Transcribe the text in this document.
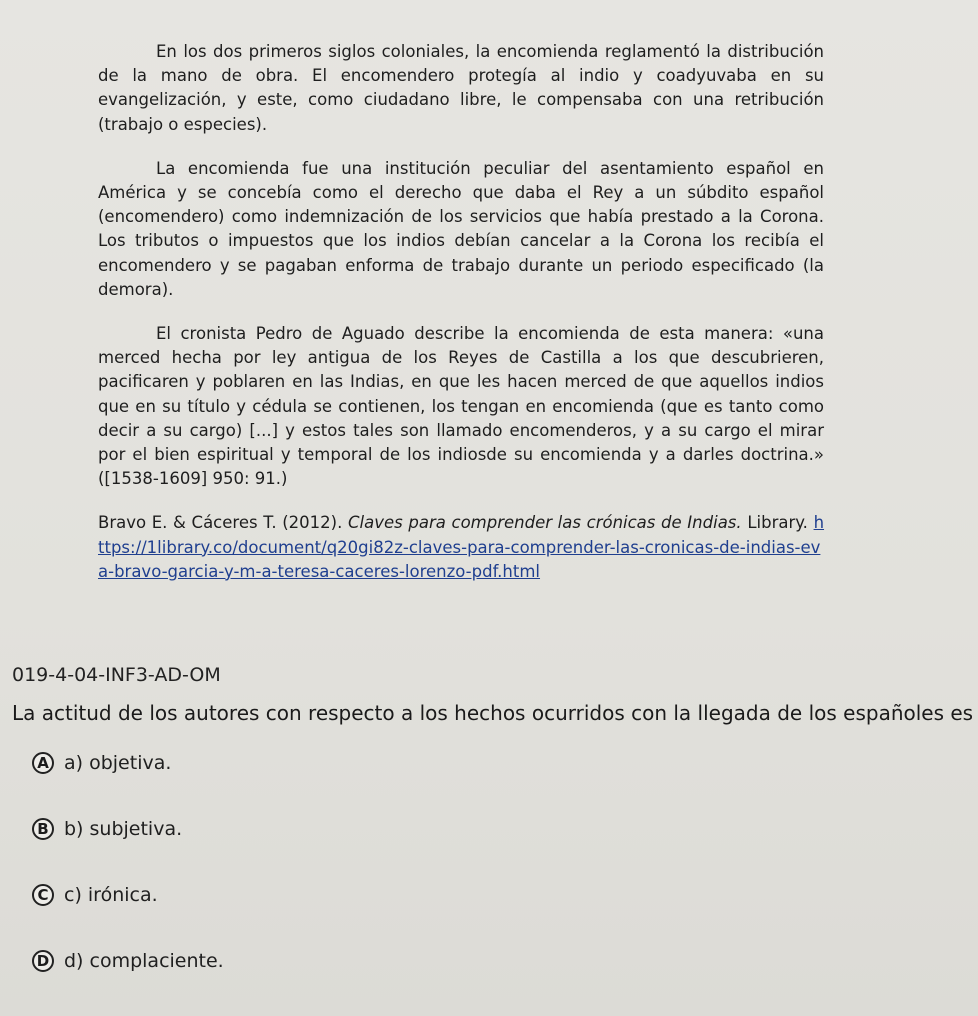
En los dos primeros siglos coloniales, la encomienda reglamentó la distribución de la mano de obra. El encomendero protegía al indio y coadyuvaba en su evangelización, y este, como ciudadano libre, le compensaba con una retribución (trabajo o especies).

La encomienda fue una institución peculiar del asentamiento español en América y se concebía como el derecho que daba el Rey a un súbdito español (encomendero) como indemnización de los servicios que había prestado a la Corona. Los tributos o impuestos que los indios debían cancelar a la Corona los recibía el encomendero y se pagaban enforma de trabajo durante un periodo especificado (la demora).

El cronista Pedro de Aguado describe la encomienda de esta manera: «una merced hecha por ley antigua de los Reyes de Castilla a los que descubrieren, pacificaren y poblaren en las Indias, en que les hacen merced de que aquellos indios que en su título y cédula se contienen, los tengan en encomienda (que es tanto como decir a su cargo) [...] y estos tales son llamado encomenderos, y a su cargo el mirar por el bien espiritual y temporal de los indiosde su encomienda y a darles doctrina.» ([1538-1609] 950: 91.)

Bravo E. & Cáceres T. (2012). Claves para comprender las crónicas de Indias. Library. https://1library.co/document/q20gi82z-claves-para-comprender-las-cronicas-de-indias-eva-bravo-garcia-y-m-a-teresa-caceres-lorenzo-pdf.html
019-4-04-INF3-AD-OM
La actitud de los autores con respecto a los hechos ocurridos con la llegada de los españoles es
A a) objetiva.
B b) subjetiva.
C c) irónica.
D d) complaciente.
